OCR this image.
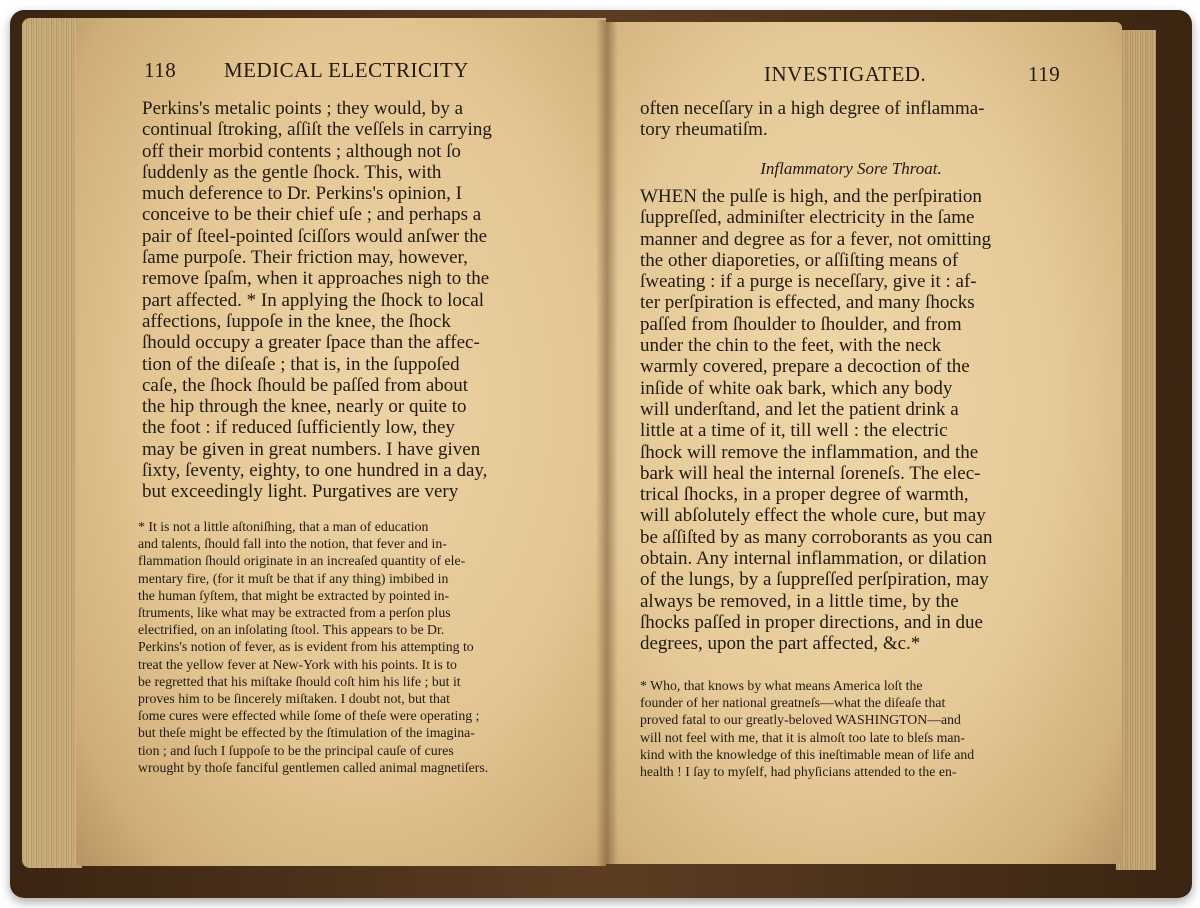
118 MEDICAL ELECTRICITY
Perkins's metalic points ; they would, by a
continual ſtroking, aſſiſt the veſſels in carrying
off their morbid contents ; although not ſo
ſuddenly as the gentle ſhock. This, with
much deference to Dr. Perkins's opinion, I
conceive to be their chief uſe ; and perhaps a
pair of ſteel-pointed ſciſſors would anſwer the
ſame purpoſe. Their friction may, however,
remove ſpaſm, when it approaches nigh to the
part affected. * In applying the ſhock to local
affections, ſuppoſe in the knee, the ſhock
ſhould occupy a greater ſpace than the affec-
tion of the diſeaſe ; that is, in the ſuppoſed
caſe, the ſhock ſhould be paſſed from about
the hip through the knee, nearly or quite to
the foot : if reduced ſufficiently low, they
may be given in great numbers. I have given
ſixty, ſeventy, eighty, to one hundred in a day,
but exceedingly light. Purgatives are very
* It is not a little aſtoniſhing, that a man of education
and talents, ſhould fall into the notion, that fever and in-
flammation ſhould originate in an increaſed quantity of ele-
mentary fire, (for it muſt be that if any thing) imbibed in
the human ſyſtem, that might be extracted by pointed in-
ſtruments, like what may be extracted from a perſon plus
electrified, on an inſolating ſtool. This appears to be Dr.
Perkins's notion of fever, as is evident from his attempting to
treat the yellow fever at New-York with his points. It is to
be regretted that his miſtake ſhould coſt him his life ; but it
proves him to be ſincerely miſtaken. I doubt not, but that
ſome cures were effected while ſome of theſe were operating ;
but theſe might be effected by the ſtimulation of the imagina-
tion ; and ſuch I ſuppoſe to be the principal cauſe of cures
wrought by thoſe fanciful gentlemen called animal magnetiſers.
INVESTIGATED.	119
often neceſſary in a high degree of inflamma-
tory rheumatiſm.
Inflammatory Sore Throat.
WHEN the pulſe is high, and the perſpiration
ſuppreſſed, adminiſter electricity in the ſame
manner and degree as for a fever, not omitting
the other diaporeties, or aſſiſting means of
ſweating : if a purge is neceſſary, give it : af-
ter perſpiration is effected, and many ſhocks
paſſed from ſhoulder to ſhoulder, and from
under the chin to the feet, with the neck
warmly covered, prepare a decoction of the
inſide of white oak bark, which any body
will underſtand, and let the patient drink a
little at a time of it, till well : the electric
ſhock will remove the inflammation, and the
bark will heal the internal ſoreneſs. The elec-
trical ſhocks, in a proper degree of warmth,
will abſolutely effect the whole cure, but may
be aſſiſted by as many corroborants as you can
obtain. Any internal inflammation, or dilation
of the lungs, by a ſuppreſſed perſpiration, may
always be removed, in a little time, by the
ſhocks paſſed in proper directions, and in due
degrees, upon the part affected, &c.*
* Who, that knows by what means America loſt the
founder of her national greatneſs—what the diſeaſe that
proved fatal to our greatly-beloved WASHINGTON—and
will not feel with me, that it is almoſt too late to bleſs man-
kind with the knowledge of this ineſtimable mean of life and
health ! I ſay to myſelf, had phyſicians attended to the en-
